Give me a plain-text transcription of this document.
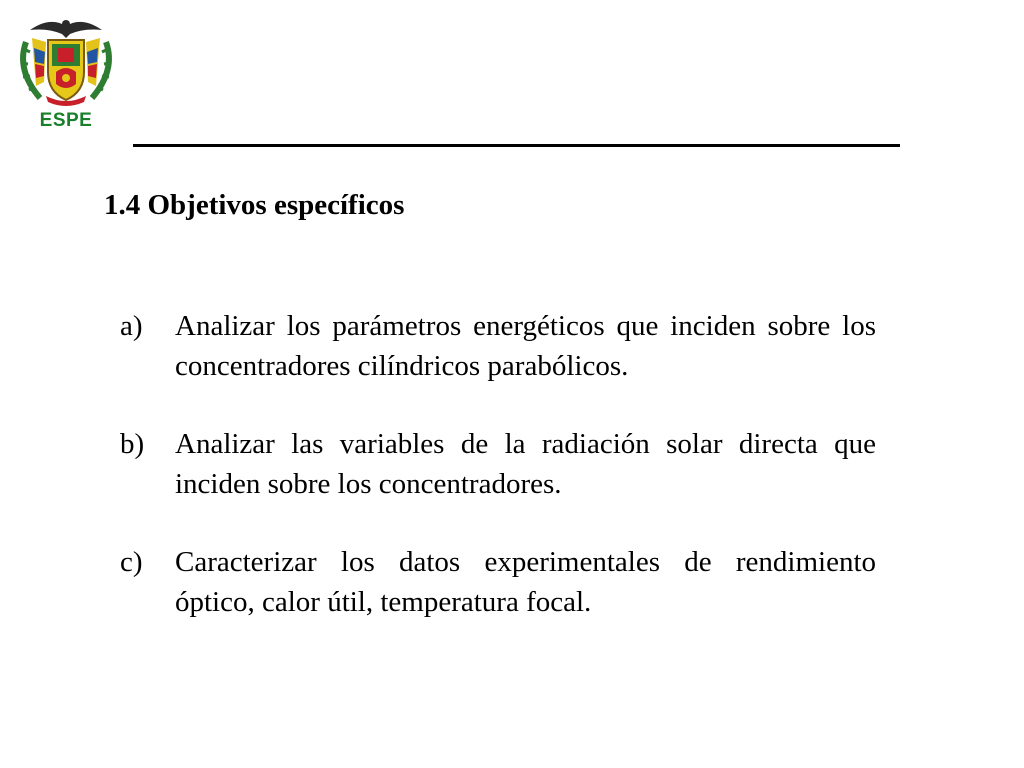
ESPE
1.4 Objetivos específicos
a)	Analizar los parámetros energéticos que inciden sobre los concentradores cilíndricos parabólicos.
b)	Analizar las variables de la radiación solar directa que inciden sobre los concentradores.
c)	Caracterizar los datos experimentales de rendimiento óptico, calor útil, temperatura focal.
